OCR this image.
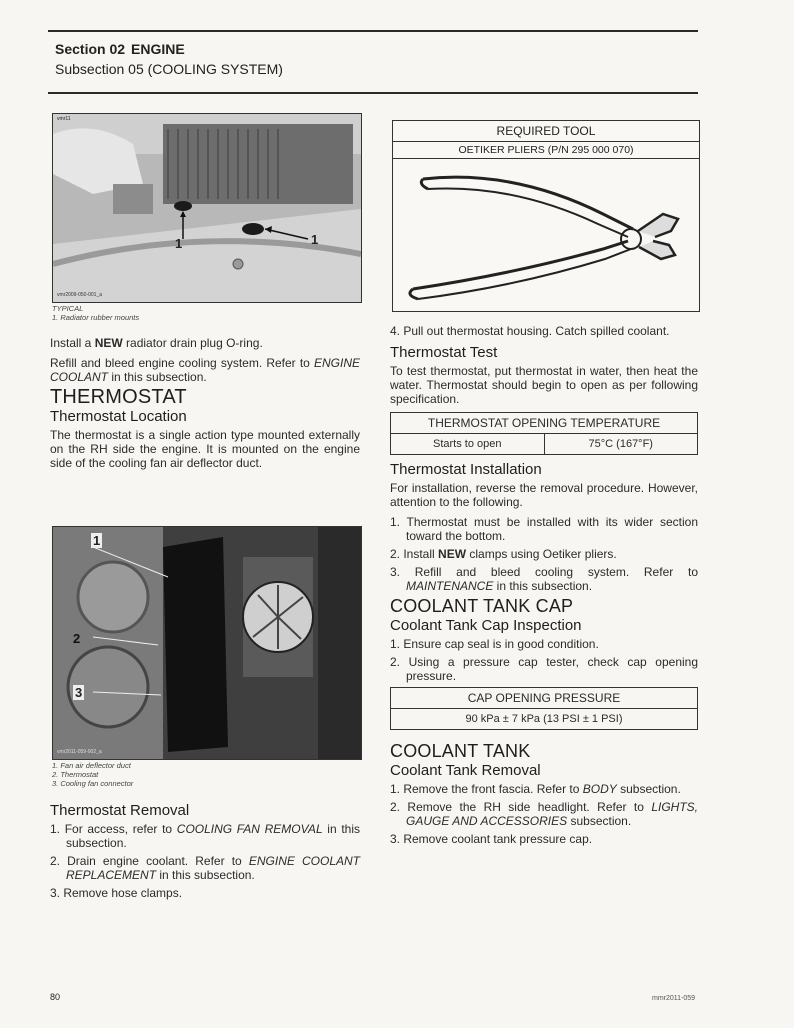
Section 02 ENGINE
Subsection 05 (COOLING SYSTEM)
1	1
vmr11
vmr2009-050-001_a
TYPICAL
1. Radiator rubber mounts

Install a NEW radiator drain plug O-ring.

Refill and bleed engine cooling system. Refer to ENGINE COOLANT in this subsection.

THERMOSTAT
Thermostat Location

The thermostat is a single action type mounted externally on the RH side the engine. It is mounted on the engine side of the cooling fan air deflector duct.

1
2
3
vmr2011-059-002_a
1. Fan air deflector duct
2. Thermostat
3. Cooling fan connector
Thermostat Removal

1. For access, refer to COOLING FAN REMOVAL in this subsection.

2. Drain engine coolant. Refer to ENGINE COOLANT REPLACEMENT in this subsection.

3. Remove hose clamps.

REQUIRED TOOL
OETIKER PLIERS (P/N 295 000 070)

4. Pull out thermostat housing. Catch spilled coolant.

Thermostat Test

To test thermostat, put thermostat in water, then heat the water. Thermostat should begin to open as per following specification.

THERMOSTAT OPENING TEMPERATURE
Starts to open	75°C (167°F)
Thermostat Installation

For installation, reverse the removal procedure. However, attention to the following.

1. Thermostat must be installed with its wider section toward the bottom.

2. Install NEW clamps using Oetiker pliers.

3. Refill and bleed cooling system. Refer to MAINTENANCE in this subsection.

COOLANT TANK CAP
Coolant Tank Cap Inspection

1. Ensure cap seal is in good condition.

2. Using a pressure cap tester, check cap opening pressure.

CAP OPENING PRESSURE
90 kPa ± 7 kPa (13 PSI ± 1 PSI)
COOLANT TANK
Coolant Tank Removal

1. Remove the front fascia. Refer to BODY subsection.

2. Remove the RH side headlight. Refer to LIGHTS, GAUGE AND ACCESSORIES subsection.

3. Remove coolant tank pressure cap.

80	mmr2011-059
